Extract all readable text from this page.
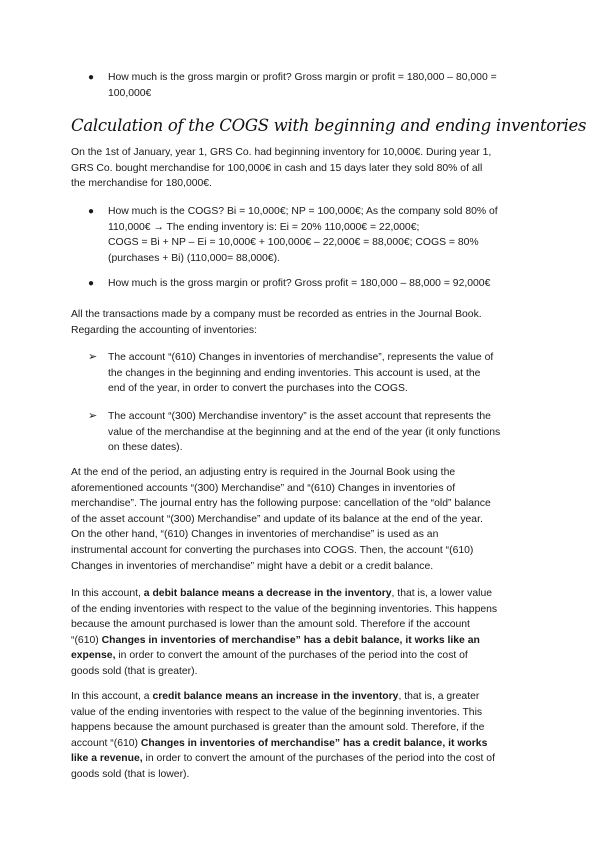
● How much is the gross margin or profit? Gross margin or profit = 180,000 – 80,000 =
100,000€
Calculation of the COGS with beginning and ending inventories
On the 1st of January, year 1, GRS Co. had beginning inventory for 10,000€. During year 1,
GRS Co. bought merchandise for 100,000€ in cash and 15 days later they sold 80% of all
the merchandise for 180,000€.
● How much is the COGS? Bi = 10,000€; NP = 100,000€; As the company sold 80% of
110,000€ → The ending inventory is: Ei = 20% 110,000€ = 22,000€;
COGS = Bi + NP – Ei = 10,000€ + 100,000€ – 22,000€ = 88,000€; COGS = 80%
(purchases + Bi) (110,000= 88,000€).
● How much is the gross margin or profit? Gross profit = 180,000 – 88,000 = 92,000€
All the transactions made by a company must be recorded as entries in the Journal Book.
Regarding the accounting of inventories:
➢ The account “(610) Changes in inventories of merchandise”, represents the value of
the changes in the beginning and ending inventories. This account is used, at the
end of the year, in order to convert the purchases into the COGS.
➢ The account “(300) Merchandise inventory” is the asset account that represents the
value of the merchandise at the beginning and at the end of the year (it only functions
on these dates).
At the end of the period, an adjusting entry is required in the Journal Book using the
aforementioned accounts “(300) Merchandise” and “(610) Changes in inventories of
merchandise”. The journal entry has the following purpose: cancellation of the “old” balance
of the asset account “(300) Merchandise” and update of its balance at the end of the year.
On the other hand, “(610) Changes in inventories of merchandise” is used as an
instrumental account for converting the purchases into COGS. Then, the account “(610)
Changes in inventories of merchandise” might have a debit or a credit balance.
In this account, a debit balance means a decrease in the inventory, that is, a lower value
of the ending inventories with respect to the value of the beginning inventories. This happens
because the amount purchased is lower than the amount sold. Therefore if the account
“(610) Changes in inventories of merchandise” has a debit balance, it works like an
expense, in order to convert the amount of the purchases of the period into the cost of
goods sold (that is greater).
In this account, a credit balance means an increase in the inventory, that is, a greater
value of the ending inventories with respect to the value of the beginning inventories. This
happens because the amount purchased is greater than the amount sold. Therefore, if the
account “(610) Changes in inventories of merchandise” has a credit balance, it works
like a revenue, in order to convert the amount of the purchases of the period into the cost of
goods sold (that is lower).
